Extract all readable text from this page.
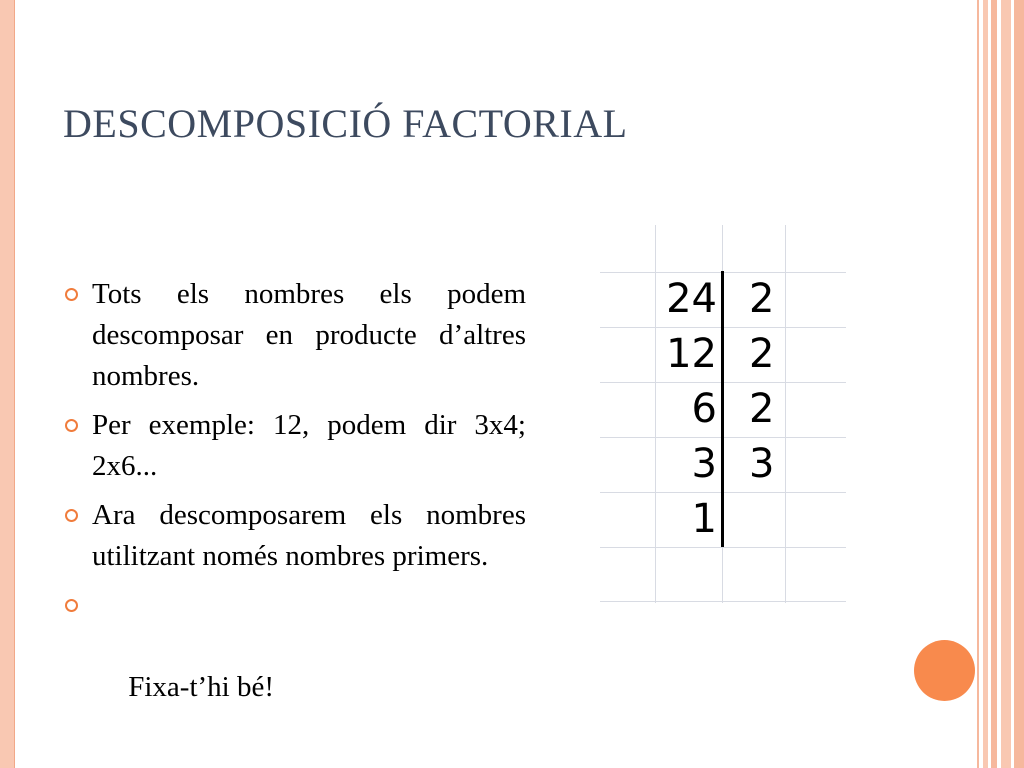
DESCOMPOSICIÓ FACTORIAL
Tots els nombres els podem descomposar en producte d’altres nombres.
Per exemple: 12, podem dir 3x4; 2x6...
Ara descomposarem els nombres utilitzant només nombres primers.

Fixa-t’hi bé!

24
12
6
3
1
2
2
2
3
